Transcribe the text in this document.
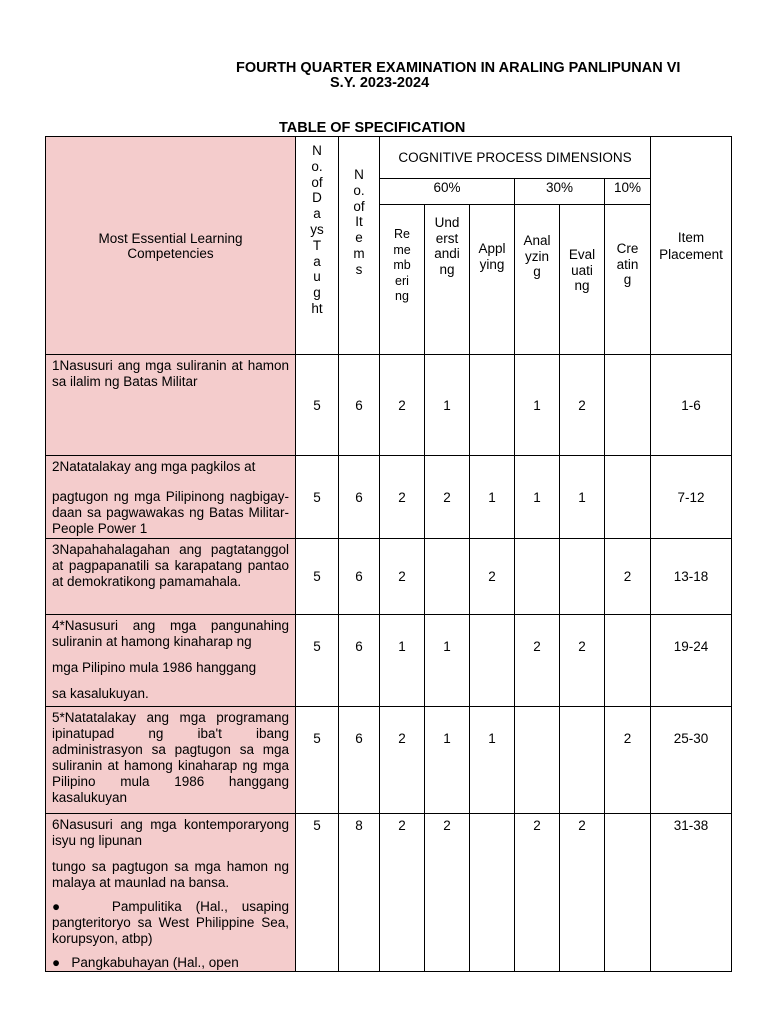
FOURTH QUARTER EXAMINATION IN ARALING PANLIPUNAN VI
S.Y. 2023-2024
TABLE OF SPECIFICATION
Most Essential Learning Competencies	No.ofDaysTaught	No.ofItems	COGNITIVE PROCESS DIMENSIONS						Item Placement
			60%			30%		10%	
			Remembering	Understanding	Applying	Analyzing	Evaluating	Creating	

1Nasusuri ang mga suliranin at hamon sa ilalim ng Batas Militar	5	6	2	1		1	2		1-6

2Natatalakay ang mga pagkilos at

pagtugon ng mga Pilipinong nagbigay-daan sa pagwawakas ng Batas Militar- People Power 1	5	6	2	2	1	1	1		7-12

3Napahahalagahan ang pagtatanggol at pagpapanatili sa karapatang pantao at demokratikong pamamahala.	5	6	2		2			2	13-18

4*Nasusuri ang mga pangunahing suliranin at hamong kinaharap ng

mga Pilipino mula 1986 hanggang

sa kasalukuyan.	5	6	1	1		2	2		19-24

5*Natatalakay ang mga programang ipinatupad ng iba't ibang administrasyon sa pagtugon sa mga suliranin at hamong kinaharap ng mga Pilipino mula 1986 hanggang kasalukuyan	5	6	2	1	1			2	25-30

6Nasusuri ang mga kontemporaryong isyu ng lipunan

tungo sa pagtugon sa mga hamon ng malaya at maunlad na bansa.

● Pampulitika (Hal., usaping pangteritoryo sa West Philippine Sea, korupsyon, atbp)

● Pangkabuhayan (Hal., open	5	8	2	2		2	2		31-38
